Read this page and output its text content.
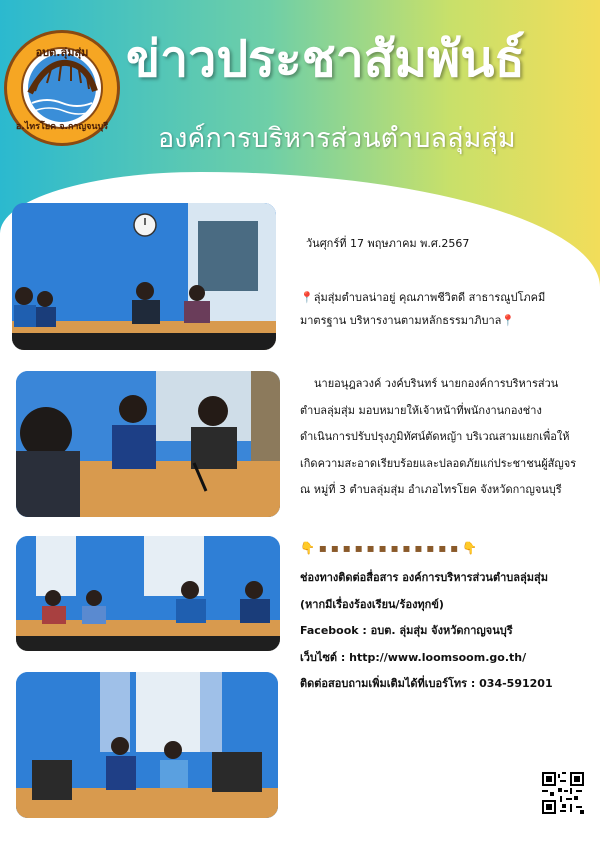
อบต.ลุ่มสุ่ม
อ.ไทรโยค จ.กาญจนบุรี
ข่าวประชาสัมพันธ์
องค์การบริหารส่วนตำบลลุ่มสุ่ม
วันศุกร์ที่ 17 พฤษภาคม พ.ศ.2567
📍ลุ่มสุ่มตำบลน่าอยู่ คุณภาพชีวิตดี สาธารณูปโภคมี
มาตรฐาน บริหารงานตามหลักธรรมาภิบาล📍
นายอนุฎลวงค์ วงค์บรินทร์ นายกองค์การบริหารส่วน
ตำบลลุ่มสุ่ม มอบหมายให้เจ้าหน้าที่พนักงานกองช่าง
ดำเนินการปรับปรุงภูมิทัศน์ตัดหญ้า บริเวณสามแยกเพื่อให้
เกิดความสะอาดเรียบร้อยและปลอดภัยแก่ประชาชนผู้สัญจร
ณ หมู่ที่ 3 ตำบลลุ่มสุ่ม อำเภอไทรโยค จังหวัดกาญจนบุรี
👇 ▪ ▪ ▪ ▪ ▪ ▪ ▪ ▪ ▪ ▪ ▪ ▪ 👇
ช่องทางติดต่อสื่อสาร องค์การบริหารส่วนตำบลลุ่มสุ่ม
(หากมีเรื่องร้องเรียน/ร้องทุกข์)
Facebook : อบต. ลุ่มสุ่ม จังหวัดกาญจนบุรี
เว็บไซต์ : http://www.loomsoom.go.th/
ติดต่อสอบถามเพิ่มเติมได้ที่เบอร์โทร : 034-591201
